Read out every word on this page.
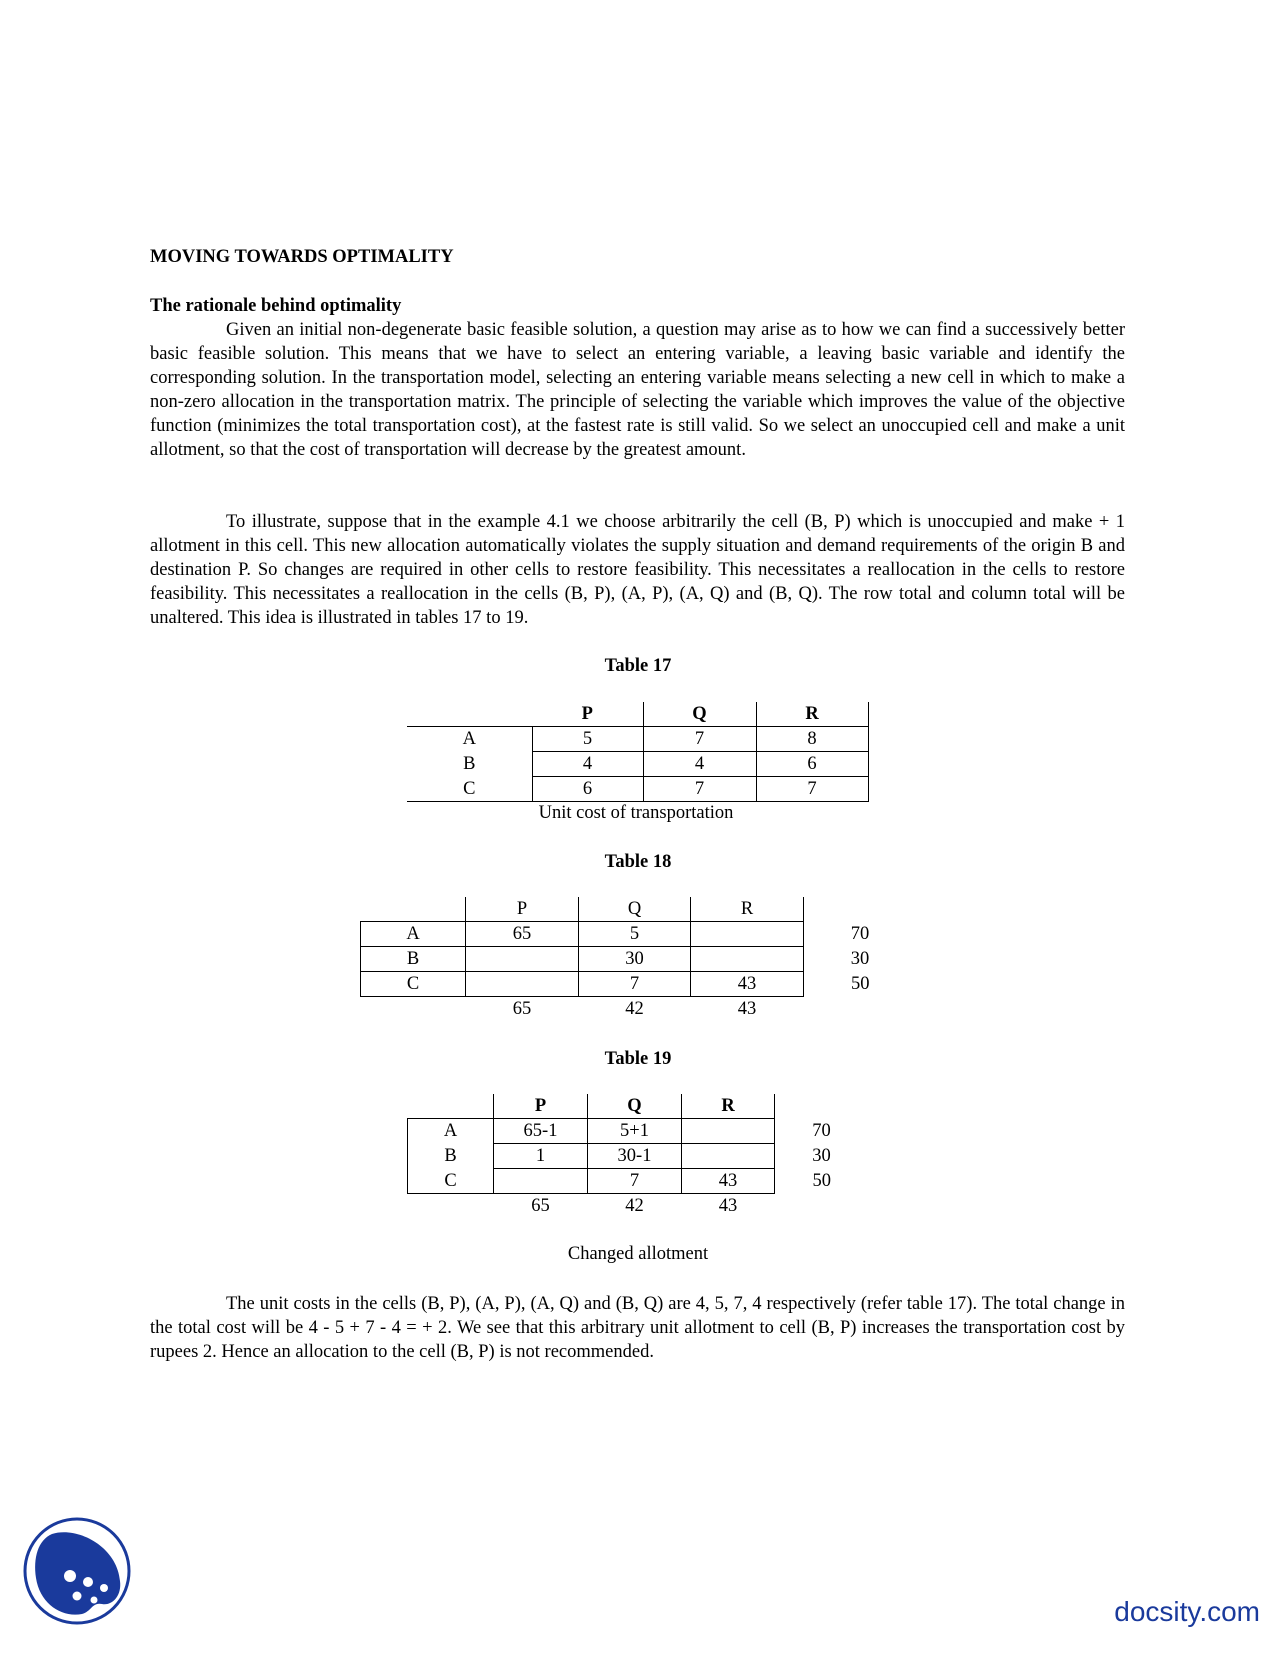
MOVING TOWARDS OPTIMALITY
The rationale behind optimality

Given an initial non-degenerate basic feasible solution, a question may arise as to how we can find a successively better basic feasible solution. This means that we have to select an entering variable, a leaving basic variable and identify the corresponding solution. In the transportation model, selecting an entering variable means selecting a new cell in which to make a non-zero allocation in the transportation matrix. The principle of selecting the variable which improves the value of the objective function (minimizes the total transportation cost), at the fastest rate is still valid. So we select an unoccupied cell and make a unit allotment, so that the cost of transportation will decrease by the greatest amount.

To illustrate, suppose that in the example 4.1 we choose arbitrarily the cell (B, P) which is unoccupied and make + 1 allotment in this cell. This new allocation automatically violates the supply situation and demand requirements of the origin B and destination P. So changes are required in other cells to restore feasibility. This necessitates a reallocation in the cells to restore feasibility. This necessitates a reallocation in the cells (B, P), (A, P), (A, Q) and (B, Q). The row total and column total will be unaltered. This idea is illustrated in tables 17 to 19.

Table 17
	P	Q	R
A	5	7	8
B	4	4	6
C	6	7	7
Unit cost of transportation
Table 18
	P	Q	R	
A	65	5		70
B		30		30
C		7	43	50
	65	42	43	
Table 19
	P	Q	R	
A	65-1	5+1		70
B	1	30-1		30
C		7	43	50
	65	42	43	
Changed allotment

The unit costs in the cells (B, P), (A, P), (A, Q) and (B, Q) are 4, 5, 7, 4 respectively (refer table 17). The total change in the total cost will be 4 - 5 + 7 - 4 = + 2. We see that this arbitrary unit allotment to cell (B, P) increases the transportation cost by rupees 2. Hence an allocation to the cell (B, P) is not recommended.

docsity.com
